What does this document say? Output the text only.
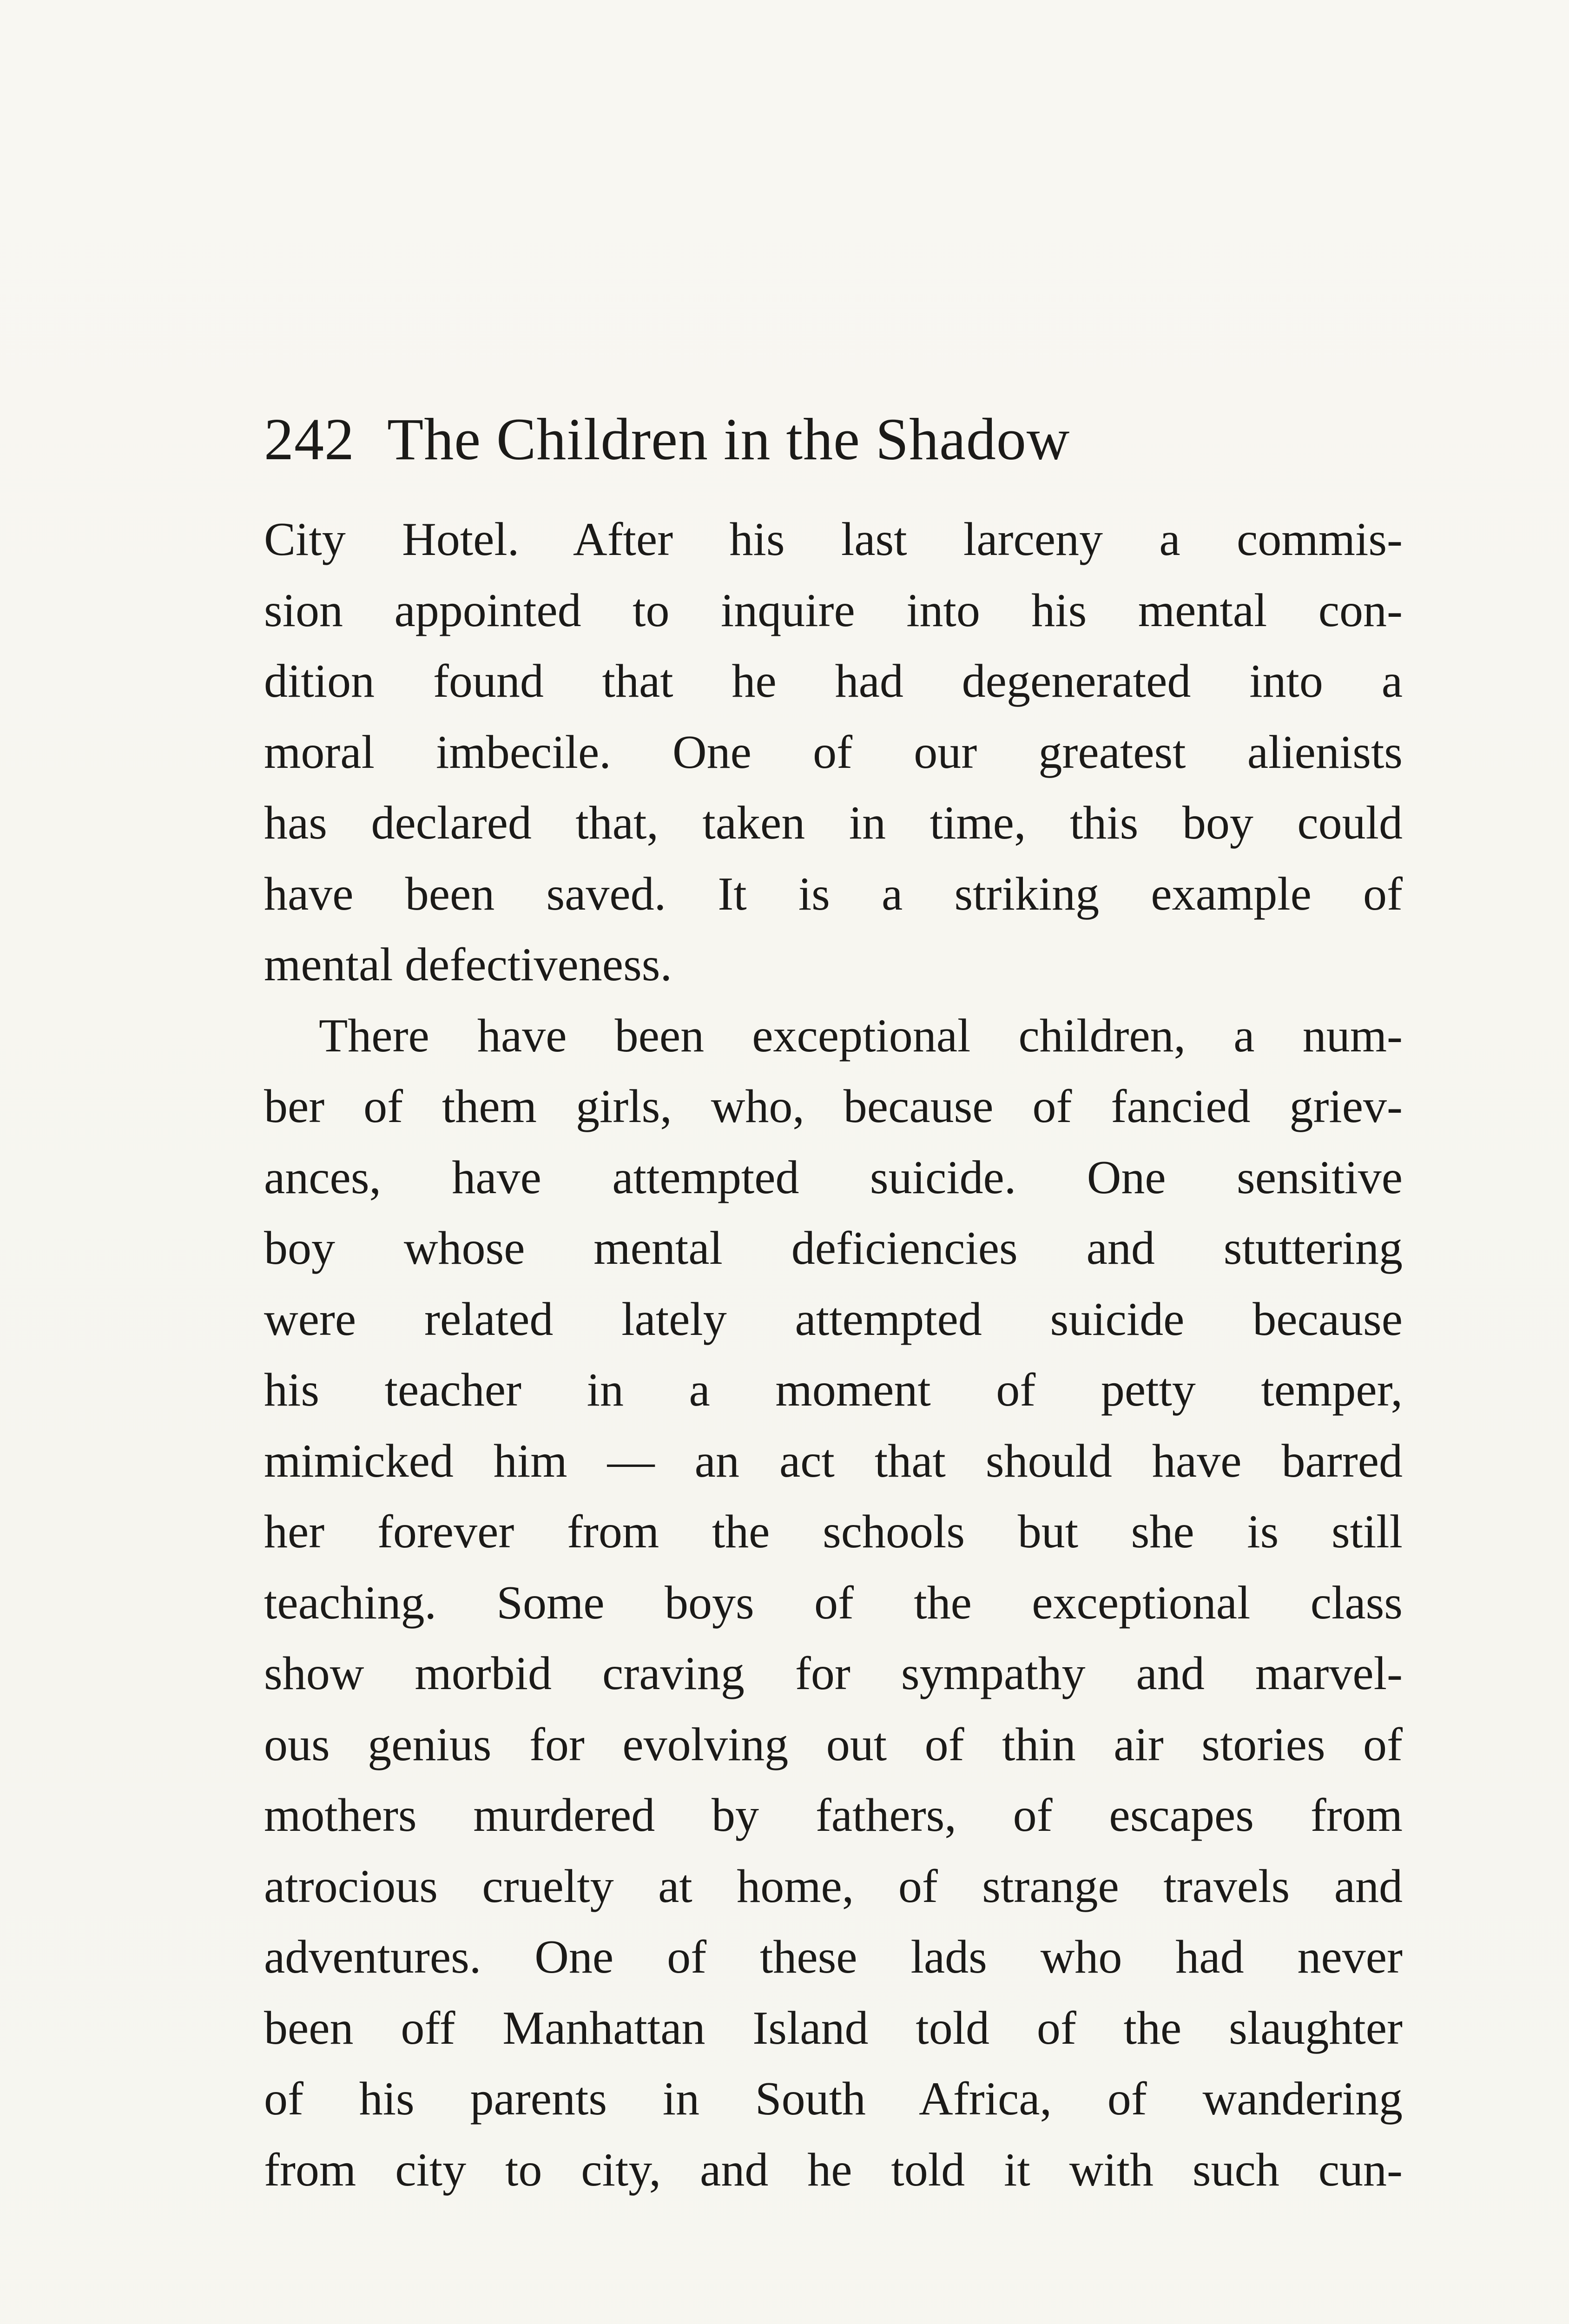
242 The Children in the Shadow
City Hotel. After his last larceny a commis-
sion appointed to inquire into his mental con-
dition found that he had degenerated into a
moral imbecile. One of our greatest alienists
has declared that, taken in time, this boy could
have been saved. It is a striking example of
mental defectiveness.
There have been exceptional children, a num-
ber of them girls, who, because of fancied griev-
ances, have attempted suicide. One sensitive
boy whose mental deficiencies and stuttering
were related lately attempted suicide because
his teacher in a moment of petty temper,
mimicked him — an act that should have barred
her forever from the schools but she is still
teaching. Some boys of the exceptional class
show morbid craving for sympathy and marvel-
ous genius for evolving out of thin air stories of
mothers murdered by fathers, of escapes from
atrocious cruelty at home, of strange travels and
adventures. One of these lads who had never
been off Manhattan Island told of the slaughter
of his parents in South Africa, of wandering
from city to city, and he told it with such cun-
